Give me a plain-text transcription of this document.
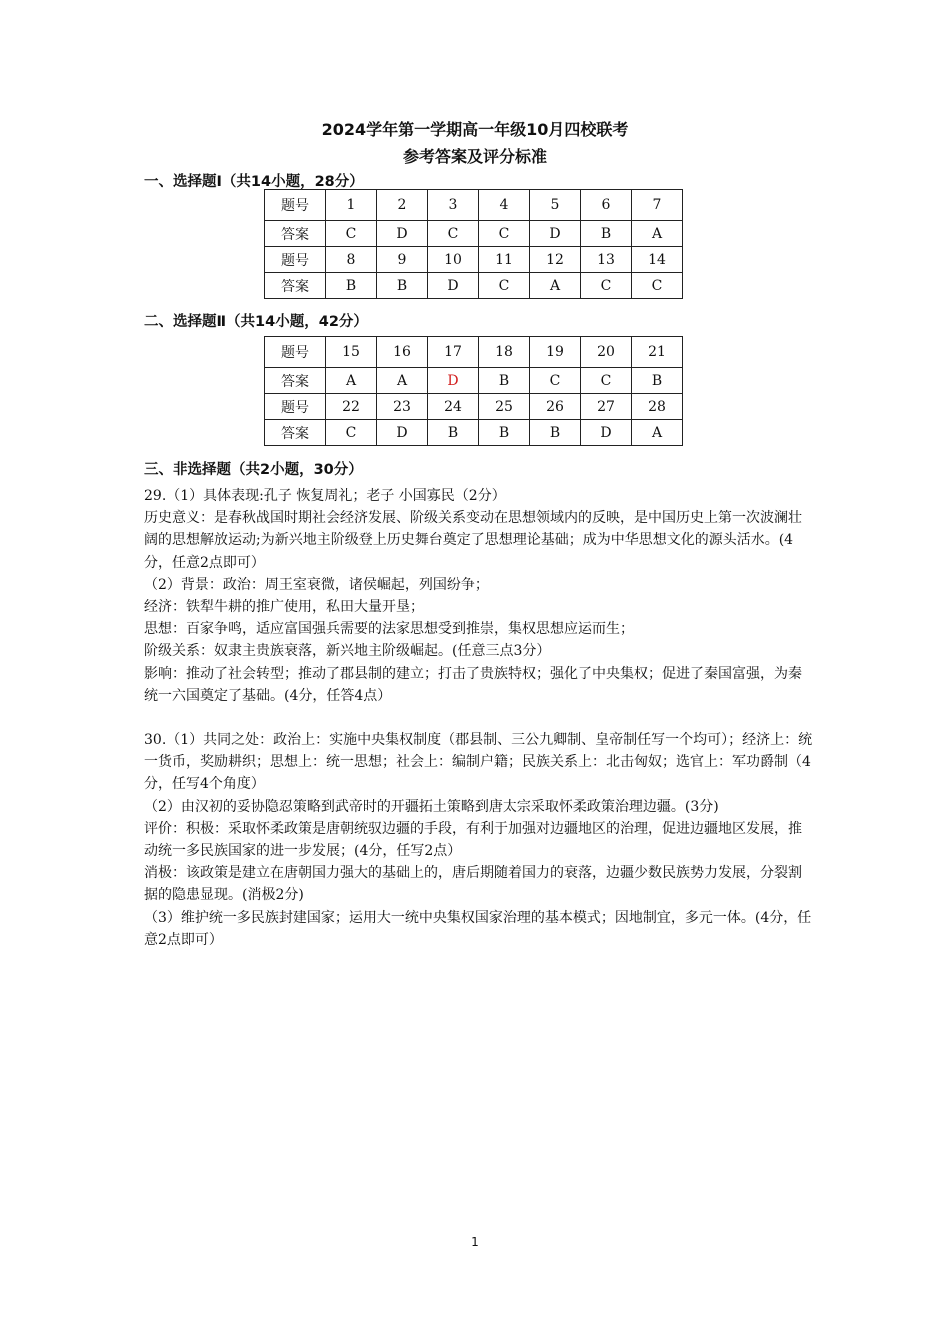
2024学年第一学期高一年级10月四校联考
参考答案及评分标准
一、选择题Ⅰ（共14小题，28分）
题号	1	2	3	4	5	6	7
答案	C	D	C	C	D	B	A
题号	8	9	10	11	12	13	14
答案	B	B	D	C	A	C	C
二、选择题Ⅱ（共14小题，42分）
题号	15	16	17	18	19	20	21
答案	A	A	D	B	C	C	B
题号	22	23	24	25	26	27	28
答案	C	D	B	B	B	D	A
三、非选择题（共2小题，30分）

29.（1）具体表现:孔子 恢复周礼；老子 小国寡民（2分）

历史意义：是春秋战国时期社会经济发展、阶级关系变动在思想领域内的反映，是中国历史上第一次波澜壮阔的思想解放运动;为新兴地主阶级登上历史舞台奠定了思想理论基础；成为中华思想文化的源头活水。(4分，任意2点即可）

（2）背景：政治：周王室衰微，诸侯崛起，列国纷争；

经济：铁犁牛耕的推广使用，私田大量开垦；

思想：百家争鸣，适应富国强兵需要的法家思想受到推崇，集权思想应运而生；

阶级关系：奴隶主贵族衰落，新兴地主阶级崛起。(任意三点3分）

影响：推动了社会转型；推动了郡县制的建立；打击了贵族特权；强化了中央集权；促进了秦国富强，为秦统一六国奠定了基础。(4分，任答4点）

30.（1）共同之处：政治上：实施中央集权制度（郡县制、三公九卿制、皇帝制任写一个均可）；经济上：统一货币，奖励耕织；思想上：统一思想；社会上：编制户籍；民族关系上：北击匈奴；选官上：军功爵制（4分，任写4个角度）

（2）由汉初的妥协隐忍策略到武帝时的开疆拓土策略到唐太宗采取怀柔政策治理边疆。(3分)

评价：积极：采取怀柔政策是唐朝统驭边疆的手段，有利于加强对边疆地区的治理，促进边疆地区发展，推动统一多民族国家的进一步发展；(4分，任写2点）

消极：该政策是建立在唐朝国力强大的基础上的，唐后期随着国力的衰落，边疆少数民族势力发展，分裂割据的隐患显现。(消极2分)

（3）维护统一多民族封建国家；运用大一统中央集权国家治理的基本模式；因地制宜，多元一体。(4分，任意2点即可）

1
